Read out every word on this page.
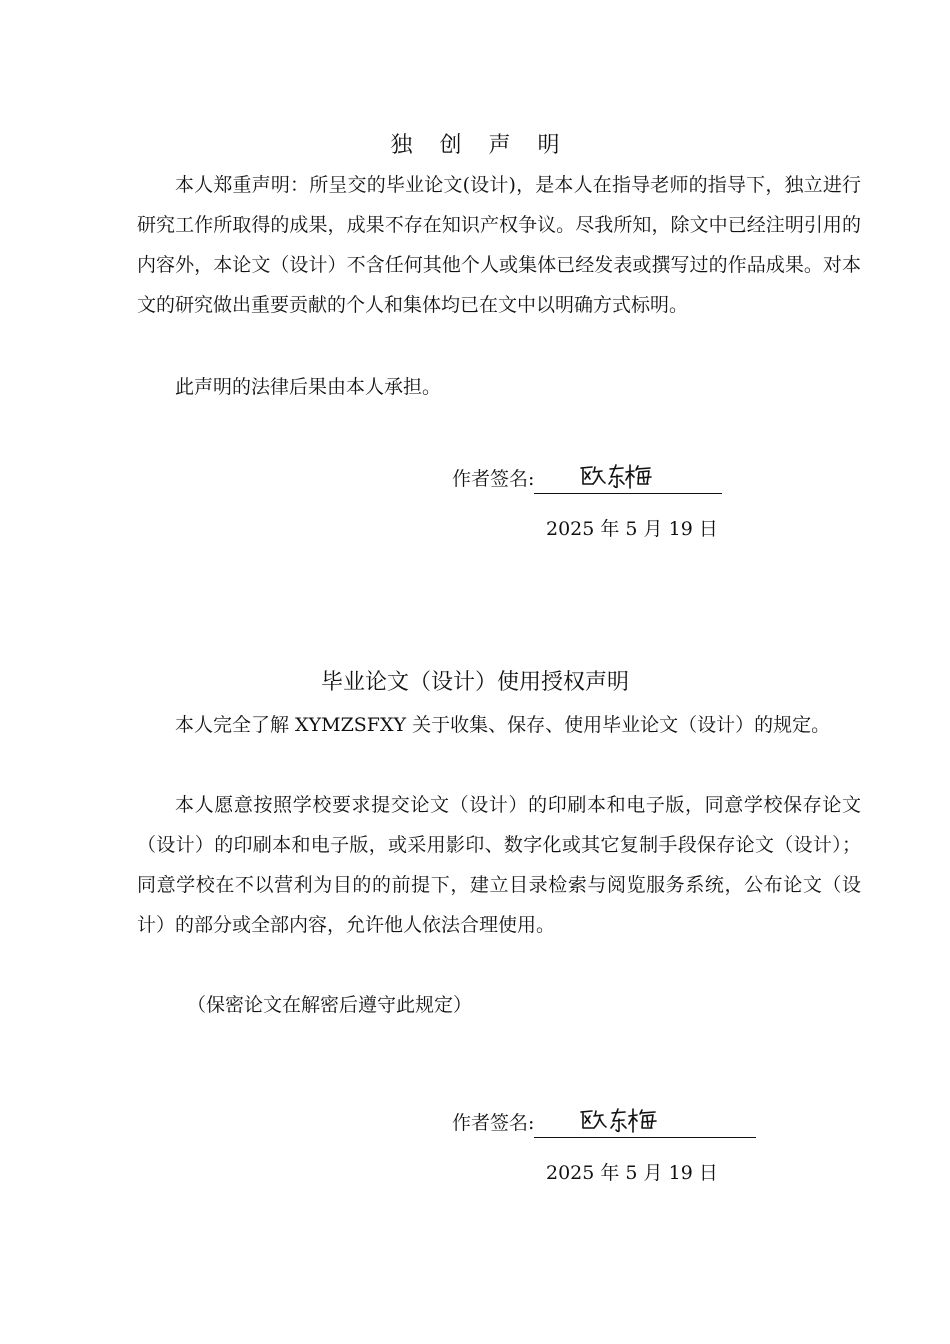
独 创 声 明

本人郑重声明：所呈交的毕业论文(设计)，是本人在指导老师的指导下，独立进行研究工作所取得的成果，成果不存在知识产权争议。尽我所知，除文中已经注明引用的内容外，本论文（设计）不含任何其他个人或集体已经发表或撰写过的作品成果。对本文的研究做出重要贡献的个人和集体均已在文中以明确方式标明。

此声明的法律后果由本人承担。

作者签名:
2025 年 5 月 19 日
毕业论文（设计）使用授权声明

本人完全了解 XYMZSFXY 关于收集、保存、使用毕业论文（设计）的规定。

本人愿意按照学校要求提交论文（设计）的印刷本和电子版，同意学校保存论文（设计）的印刷本和电子版，或采用影印、数字化或其它复制手段保存论文（设计）；同意学校在不以营利为目的的前提下，建立目录检索与阅览服务系统，公布论文（设计）的部分或全部内容，允许他人依法合理使用。

（保密论文在解密后遵守此规定）

作者签名:
2025 年 5 月 19 日
